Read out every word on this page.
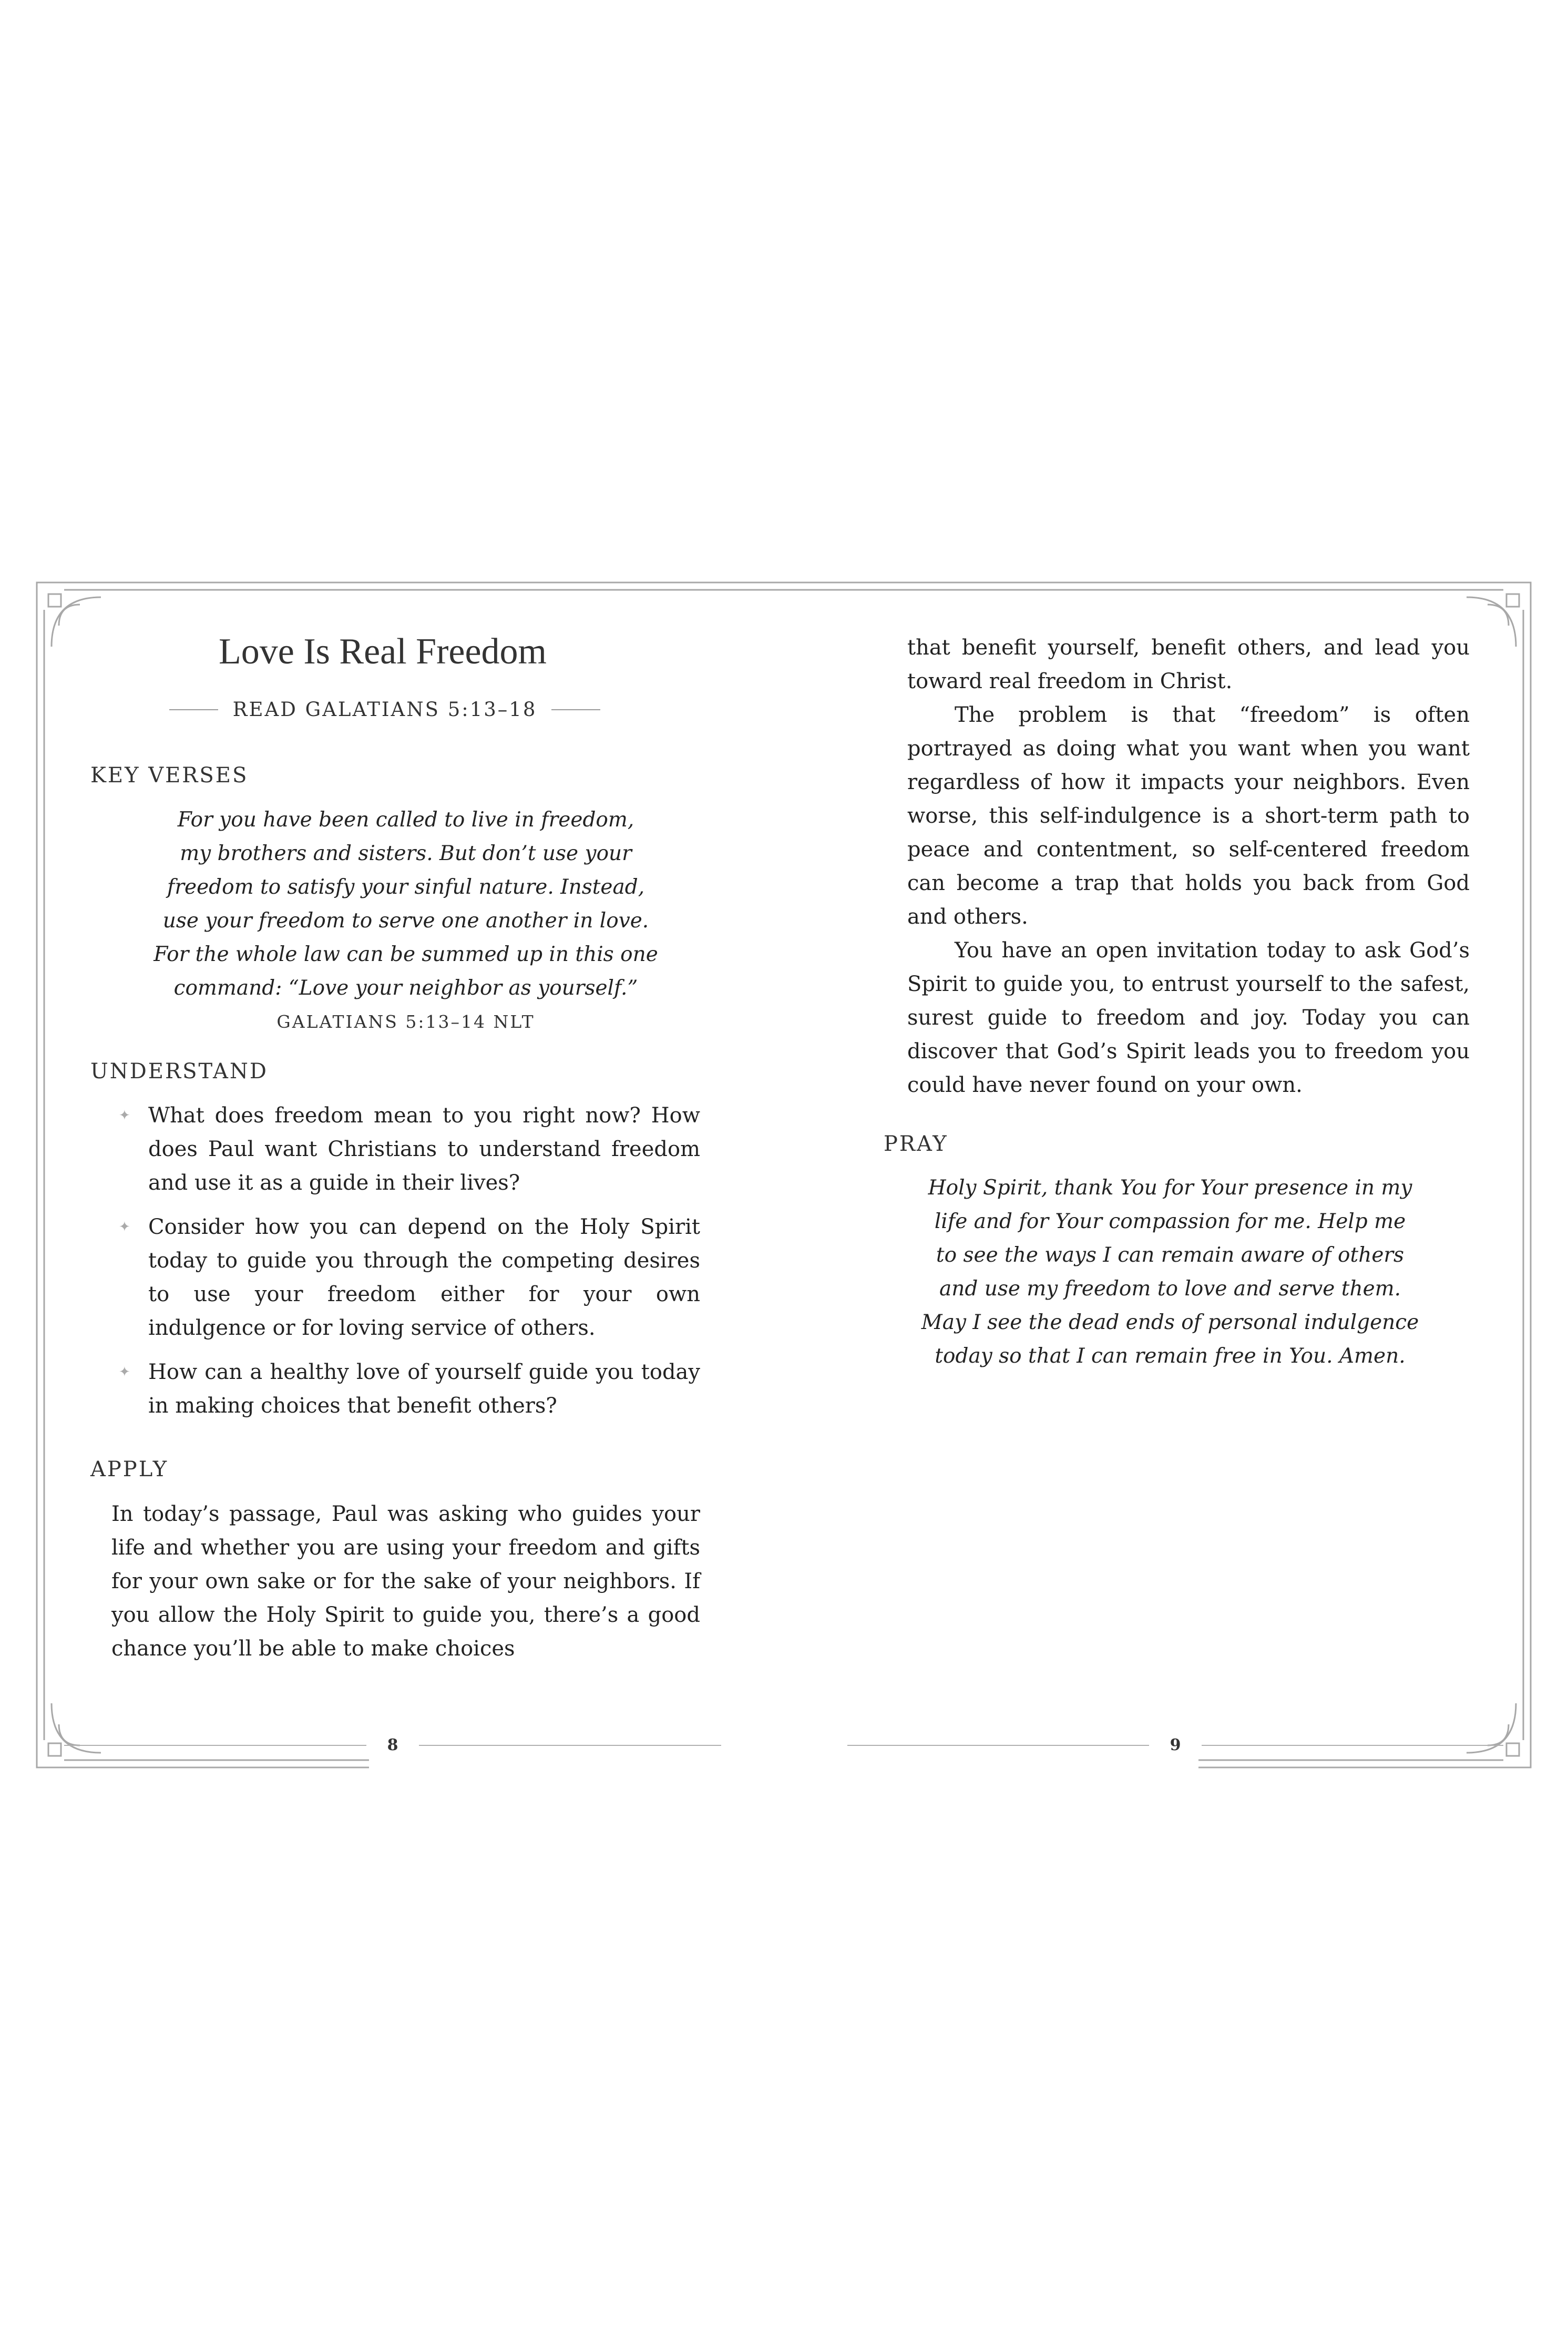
Love Is Real Freedom
READ GALATIANS 5:13–18
KEY VERSES

For you have been called to live in freedom,

my brothers and sisters. But don’t use your

freedom to satisfy your sinful nature. Instead,

use your freedom to serve one another in love.

For the whole law can be summed up in this one

command: “Love your neighbor as yourself.”

GALATIANS 5:13–14 NLT

UNDERSTAND
✦ What does freedom mean to you right now? How does Paul want Christians to understand freedom and use it as a guide in their lives?
✦ Consider how you can depend on the Holy Spirit today to guide you through the competing desires to use your freedom either for your own indulgence or for loving service of others.
✦ How can a healthy love of yourself guide you today in making choices that benefit others?
APPLY
In today’s passage, Paul was asking who guides your life and whether you are using your freedom and gifts for your own sake or for the sake of your neighbors. If you allow the Holy Spirit to guide you, there’s a good chance you’ll be able to make choices

that benefit yourself, benefit others, and lead you toward real freedom in Christ.

The problem is that “freedom” is often portrayed as doing what you want when you want regardless of how it impacts your neighbors. Even worse, this self-indulgence is a short-term path to peace and contentment, so self-centered freedom can become a trap that holds you back from God and others.

You have an open invitation today to ask God’s Spirit to guide you, to entrust yourself to the safest, surest guide to freedom and joy. Today you can discover that God’s Spirit leads you to freedom you could have never found on your own.

PRAY
Holy Spirit, thank You for Your presence in my
life and for Your compassion for me. Help me
to see the ways I can remain aware of others
and use my freedom to love and serve them.
May I see the dead ends of personal indulgence
today so that I can remain free in You. Amen.
8	9
